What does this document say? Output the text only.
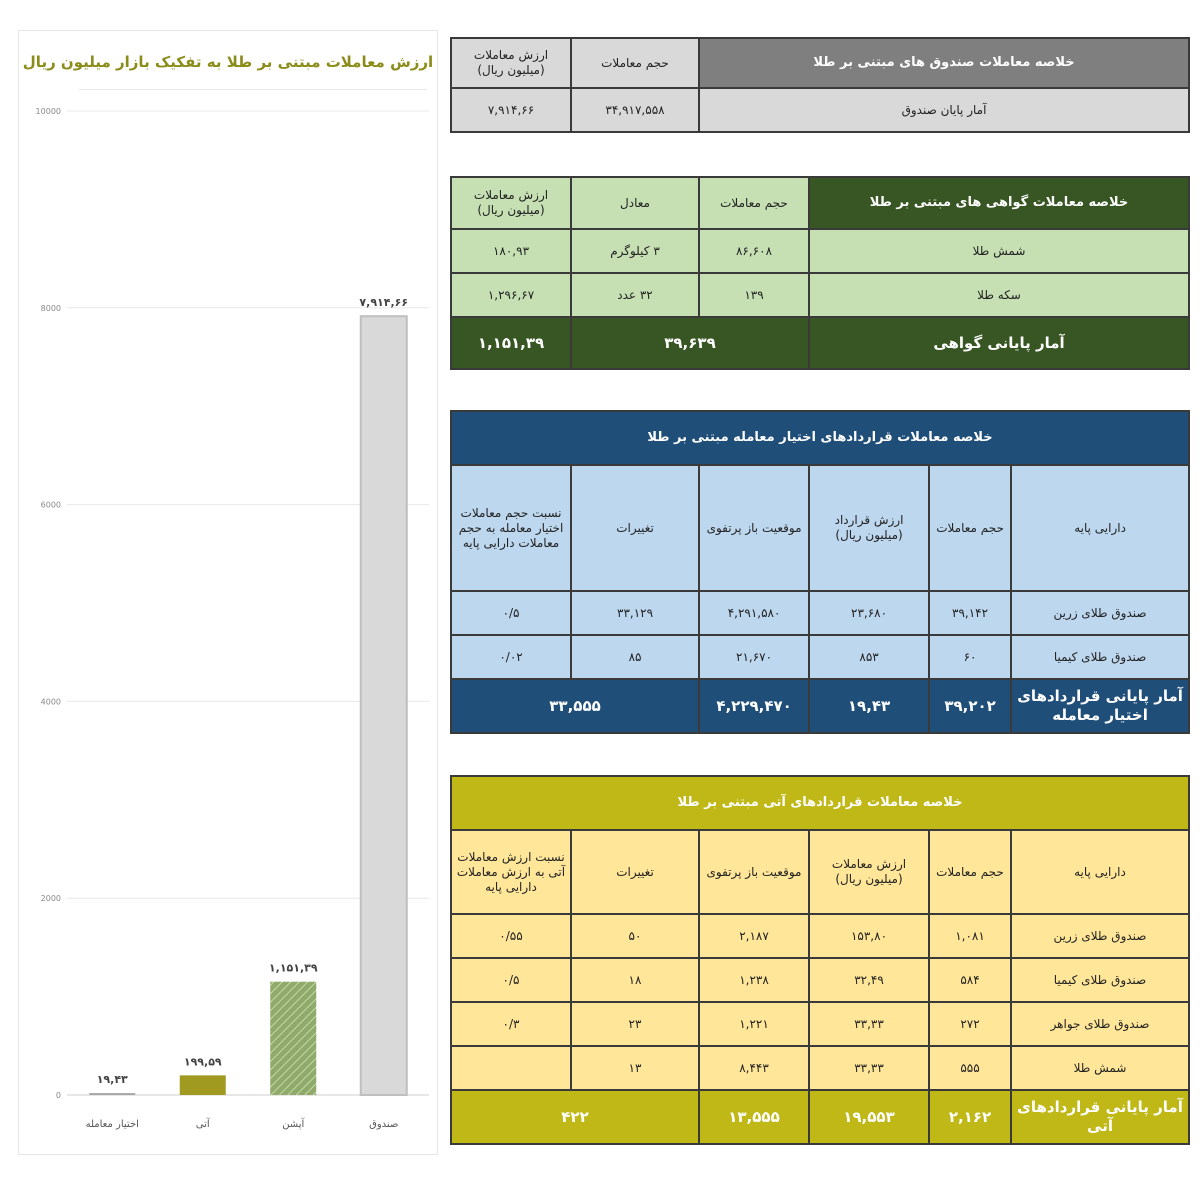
ارزش معاملات مبتنی بر طلا به تفکیک بازار میلیون ریال
0
2000
4000
6000
8000
10000
۷,۹۱۴,۶۶
صندوق
۱,۱۵۱,۳۹
آپشن
۱۹۹,۵۹
آتی
۱۹,۴۳
اختیار معامله
خلاصه معاملات صندوق های مبتنی بر طلا	حجم معاملات	ارزش معاملات (میلیون ریال)
آمار پایان صندوق	۳۴,۹۱۷,۵۵۸	۷,۹۱۴,۶۶
خلاصه معاملات گواهی های مبتنی بر طلا	حجم معاملات	معادل	ارزش معاملات (میلیون ریال)
شمش طلا	۸۶,۶۰۸	۳ کیلوگرم	۱۸۰,۹۳
سکه طلا	۱۳۹	۳۲ عدد	۱,۲۹۶,۶۷
آمار پایانی گواهی	۳۹,۶۳۹		۱,۱۵۱,۳۹
خلاصه معاملات قراردادهای اختیار معامله مبتنی بر طلا					
دارایی پایه	حجم معاملات	ارزش قرارداد (میلیون ریال)	موقعیت باز پرتفوی	تغییرات	نسبت حجم معاملات اختیار معامله به حجم معاملات دارایی پایه
صندوق طلای زرین	۳۹,۱۴۲	۲۳,۶۸۰	۴,۲۹۱,۵۸۰	۳۳,۱۲۹	۰/۵
صندوق طلای کیمیا	۶۰	۸۵۳	۲۱,۶۷۰	۸۵	۰/۰۲
آمار پایانی قراردادهای اختیار معامله	۳۹,۲۰۲	۱۹,۴۳	۴,۲۲۹,۴۷۰	۳۳,۵۵۵	
خلاصه معاملات قراردادهای آتی مبتنی بر طلا					
دارایی پایه	حجم معاملات	ارزش معاملات (میلیون ریال)	موقعیت باز پرتفوی	تغییرات	نسبت ارزش معاملات آتی به ارزش معاملات دارایی پایه
صندوق طلای زرین	۱,۰۸۱	۱۵۳,۸۰	۲,۱۸۷	۵۰	۰/۵۵
صندوق طلای کیمیا	۵۸۴	۳۲,۴۹	۱,۲۳۸	۱۸	۰/۵
صندوق طلای جواهر	۲۷۲	۳۳,۳۳	۱,۲۲۱	۲۳	۰/۳
شمش طلا	۵۵۵	۳۳,۳۳	۸,۴۴۳	۱۳	
آمار پایانی قراردادهای آتی	۲,۱۶۲	۱۹,۵۵۳	۱۳,۵۵۵	۴۲۲	
